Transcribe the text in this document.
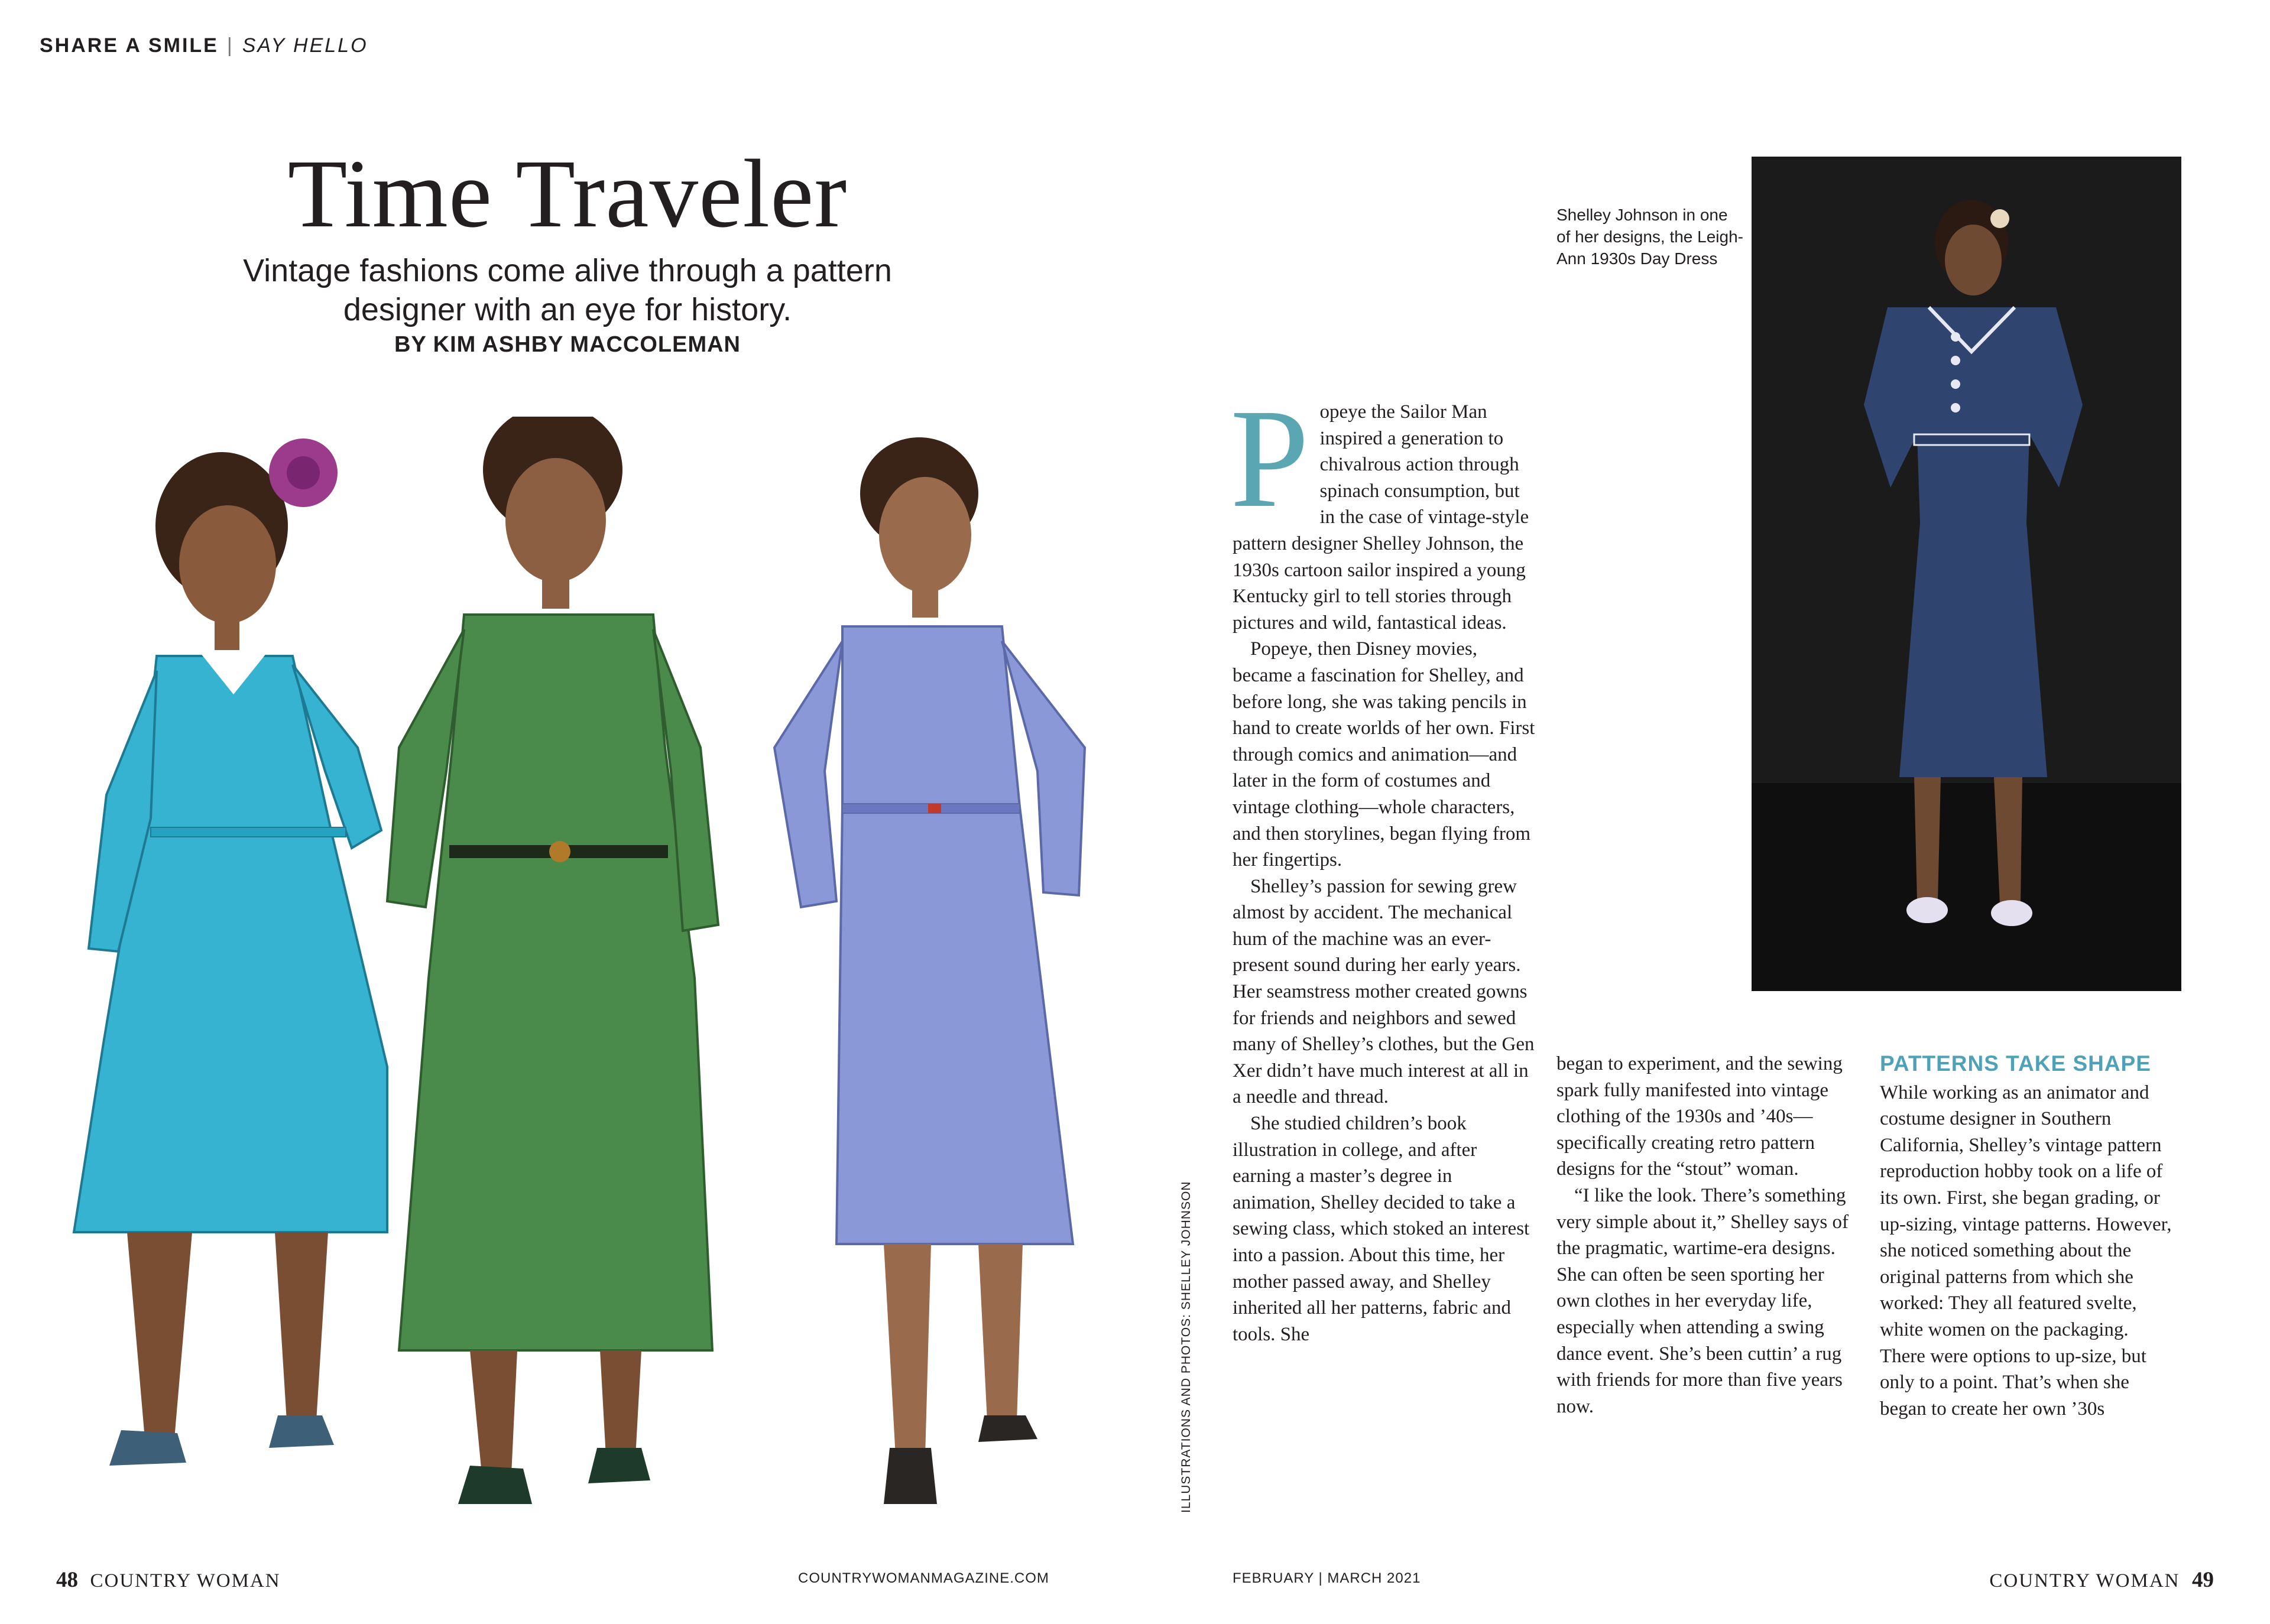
SHARE A SMILE | SAY HELLO
Time Traveler
Vintage fashions come alive through a pattern designer with an eye for history.
BY KIM ASHBY MACCOLEMAN
ILLUSTRATIONS AND PHOTOS: SHELLEY JOHNSON

Popeye the Sailor Man inspired a generation to chivalrous action through spinach consumption, but in the case of vintage-style pattern designer Shelley Johnson, the 1930s cartoon sailor inspired a young Kentucky girl to tell stories through pictures and wild, fantastical ideas.

Popeye, then Disney movies, became a fascination for Shelley, and before long, she was taking pencils in hand to create worlds of her own. First through comics and animation—and later in the form of costumes and vintage clothing—whole characters, and then storylines, began flying from her fingertips.

Shelley’s passion for sewing grew almost by accident. The mechanical hum of the machine was an ever-present sound during her early years. Her seamstress mother created gowns for friends and neighbors and sewed many of Shelley’s clothes, but the Gen Xer didn’t have much interest at all in a needle and thread.

She studied children’s book illustration in college, and after earning a master’s degree in animation, Shelley decided to take a sewing class, which stoked an interest into a passion. About this time, her mother passed away, and Shelley inherited all her patterns, fabric and tools. She

began to experiment, and the sewing spark fully manifested into vintage clothing of the 1930s and ’40s—specifically creating retro pattern designs for the “stout” woman.

“I like the look. There’s something very simple about it,” Shelley says of the pragmatic, wartime-era designs. She can often be seen sporting her own clothes in her everyday life, especially when attending a swing dance event. She’s been cuttin’ a rug with friends for more than five years now.

PATTERNS TAKE SHAPE

While working as an animator and costume designer in Southern California, Shelley’s vintage pattern reproduction hobby took on a life of its own. First, she began grading, or up-sizing, vintage patterns. However, she noticed something about the original patterns from which she worked: They all featured svelte, white women on the packaging. There were options to up-size, but only to a point. That’s when she began to create her own ’30s

Shelley Johnson in one of her designs, the Leigh-Ann 1930s Day Dress
48 COUNTRY WOMAN	COUNTRYWOMANMAGAZINE.COM	FEBRUARY | MARCH 2021	COUNTRY WOMAN 49
